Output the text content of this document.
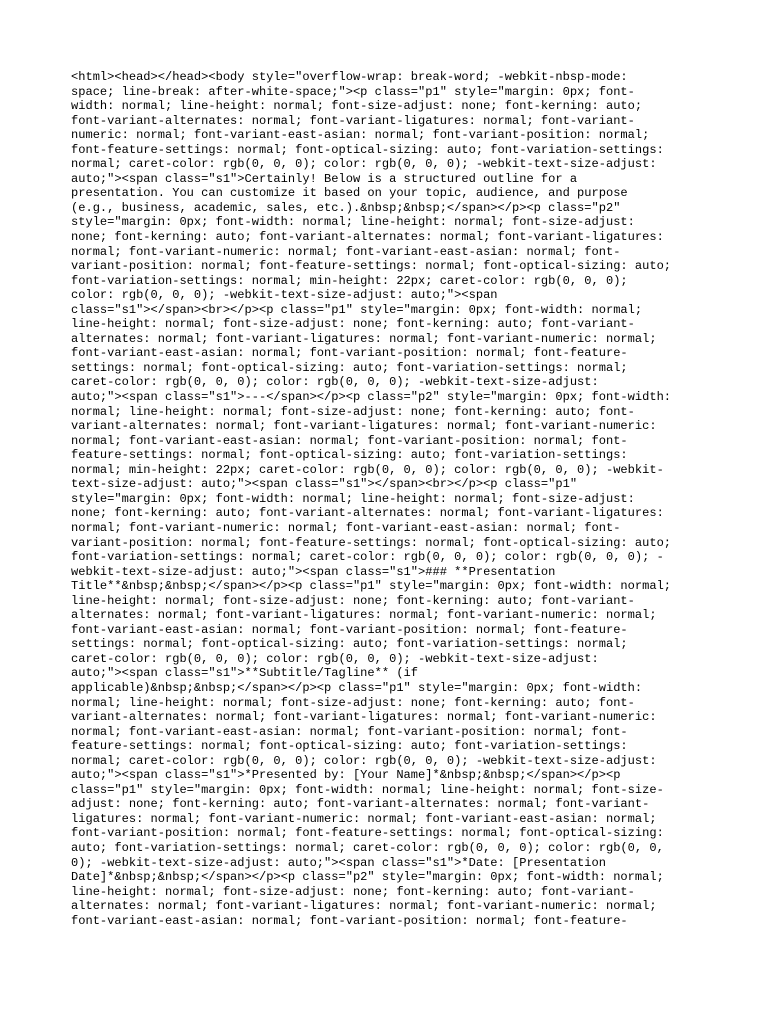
<html><head></head><body style="overflow-wrap: break-word; -webkit-nbsp-mode:
space; line-break: after-white-space;"><p class="p1" style="margin: 0px; font-
width: normal; line-height: normal; font-size-adjust: none; font-kerning: auto;
font-variant-alternates: normal; font-variant-ligatures: normal; font-variant-
numeric: normal; font-variant-east-asian: normal; font-variant-position: normal;
font-feature-settings: normal; font-optical-sizing: auto; font-variation-settings:
normal; caret-color: rgb(0, 0, 0); color: rgb(0, 0, 0); -webkit-text-size-adjust:
auto;"><span class="s1">Certainly! Below is a structured outline for a
presentation. You can customize it based on your topic, audience, and purpose
(e.g., business, academic, sales, etc.).&nbsp;&nbsp;</span></p><p class="p2"
style="margin: 0px; font-width: normal; line-height: normal; font-size-adjust:
none; font-kerning: auto; font-variant-alternates: normal; font-variant-ligatures:
normal; font-variant-numeric: normal; font-variant-east-asian: normal; font-
variant-position: normal; font-feature-settings: normal; font-optical-sizing: auto;
font-variation-settings: normal; min-height: 22px; caret-color: rgb(0, 0, 0);
color: rgb(0, 0, 0); -webkit-text-size-adjust: auto;"><span
class="s1"></span><br></p><p class="p1" style="margin: 0px; font-width: normal;
line-height: normal; font-size-adjust: none; font-kerning: auto; font-variant-
alternates: normal; font-variant-ligatures: normal; font-variant-numeric: normal;
font-variant-east-asian: normal; font-variant-position: normal; font-feature-
settings: normal; font-optical-sizing: auto; font-variation-settings: normal;
caret-color: rgb(0, 0, 0); color: rgb(0, 0, 0); -webkit-text-size-adjust:
auto;"><span class="s1">---</span></p><p class="p2" style="margin: 0px; font-width:
normal; line-height: normal; font-size-adjust: none; font-kerning: auto; font-
variant-alternates: normal; font-variant-ligatures: normal; font-variant-numeric:
normal; font-variant-east-asian: normal; font-variant-position: normal; font-
feature-settings: normal; font-optical-sizing: auto; font-variation-settings:
normal; min-height: 22px; caret-color: rgb(0, 0, 0); color: rgb(0, 0, 0); -webkit-
text-size-adjust: auto;"><span class="s1"></span><br></p><p class="p1"
style="margin: 0px; font-width: normal; line-height: normal; font-size-adjust:
none; font-kerning: auto; font-variant-alternates: normal; font-variant-ligatures:
normal; font-variant-numeric: normal; font-variant-east-asian: normal; font-
variant-position: normal; font-feature-settings: normal; font-optical-sizing: auto;
font-variation-settings: normal; caret-color: rgb(0, 0, 0); color: rgb(0, 0, 0); -
webkit-text-size-adjust: auto;"><span class="s1">### **Presentation
Title**&nbsp;&nbsp;</span></p><p class="p1" style="margin: 0px; font-width: normal;
line-height: normal; font-size-adjust: none; font-kerning: auto; font-variant-
alternates: normal; font-variant-ligatures: normal; font-variant-numeric: normal;
font-variant-east-asian: normal; font-variant-position: normal; font-feature-
settings: normal; font-optical-sizing: auto; font-variation-settings: normal;
caret-color: rgb(0, 0, 0); color: rgb(0, 0, 0); -webkit-text-size-adjust:
auto;"><span class="s1">**Subtitle/Tagline** (if
applicable)&nbsp;&nbsp;</span></p><p class="p1" style="margin: 0px; font-width:
normal; line-height: normal; font-size-adjust: none; font-kerning: auto; font-
variant-alternates: normal; font-variant-ligatures: normal; font-variant-numeric:
normal; font-variant-east-asian: normal; font-variant-position: normal; font-
feature-settings: normal; font-optical-sizing: auto; font-variation-settings:
normal; caret-color: rgb(0, 0, 0); color: rgb(0, 0, 0); -webkit-text-size-adjust:
auto;"><span class="s1">*Presented by: [Your Name]*&nbsp;&nbsp;</span></p><p
class="p1" style="margin: 0px; font-width: normal; line-height: normal; font-size-
adjust: none; font-kerning: auto; font-variant-alternates: normal; font-variant-
ligatures: normal; font-variant-numeric: normal; font-variant-east-asian: normal;
font-variant-position: normal; font-feature-settings: normal; font-optical-sizing:
auto; font-variation-settings: normal; caret-color: rgb(0, 0, 0); color: rgb(0, 0,
0); -webkit-text-size-adjust: auto;"><span class="s1">*Date: [Presentation
Date]*&nbsp;&nbsp;</span></p><p class="p2" style="margin: 0px; font-width: normal;
line-height: normal; font-size-adjust: none; font-kerning: auto; font-variant-
alternates: normal; font-variant-ligatures: normal; font-variant-numeric: normal;
font-variant-east-asian: normal; font-variant-position: normal; font-feature-
